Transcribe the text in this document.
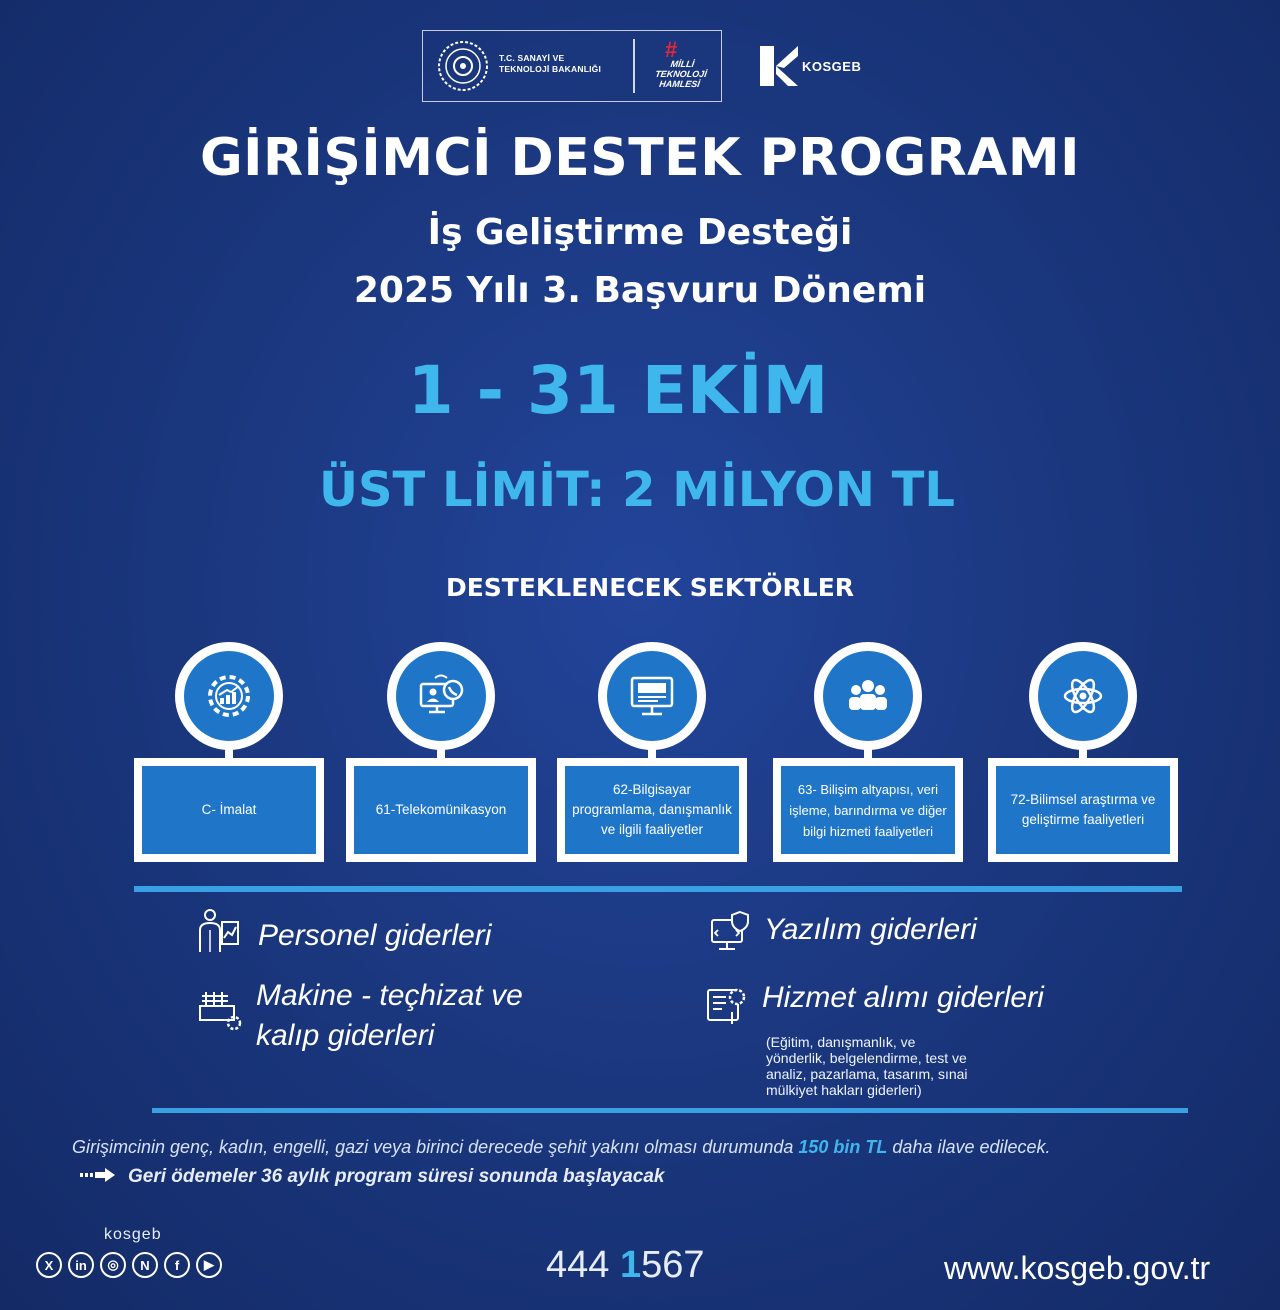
T.C. SANAYİ VE
TEKNOLOJİ BAKANLIĞI
#
MİLLİ
TEKNOLOJİ
HAMLESİ
KOSGEB
GİRİŞİMCİ DESTEK PROGRAMI
İş Geliştirme Desteği
2025 Yılı 3. Başvuru Dönemi
1 - 31 EKİM
ÜST LİMİT: 2 MİLYON TL
DESTEKLENECEK SEKTÖRLER
C- İmalat	61-Telekomünikasyon
62-Bilgisayar programlama, danışmanlık ve ilgili faaliyetler
63- Bilişim altyapısı, veri işleme, barındırma ve diğer bilgi hizmeti faaliyetleri
72-Bilimsel araştırma ve geliştirme faaliyetleri
Personel giderleri
Makine - teçhizat ve
kalıp giderleri
Yazılım giderleri
Hizmet alımı giderleri
(Eğitim, danışmanlık, ve
yönderlik, belgelendirme, test ve
analiz, pazarlama, tasarım, sınai
mülkiyet hakları giderleri)
Girişimcinin genç, kadın, engelli, gazi veya birinci derecede şehit yakını olması durumunda 150 bin TL daha ilave edilecek.
Geri ödemeler 36 aylık program süresi sonunda başlayacak
kosgeb
X	in	◎	N	f	▶	444 1567	www.kosgeb.gov.tr
